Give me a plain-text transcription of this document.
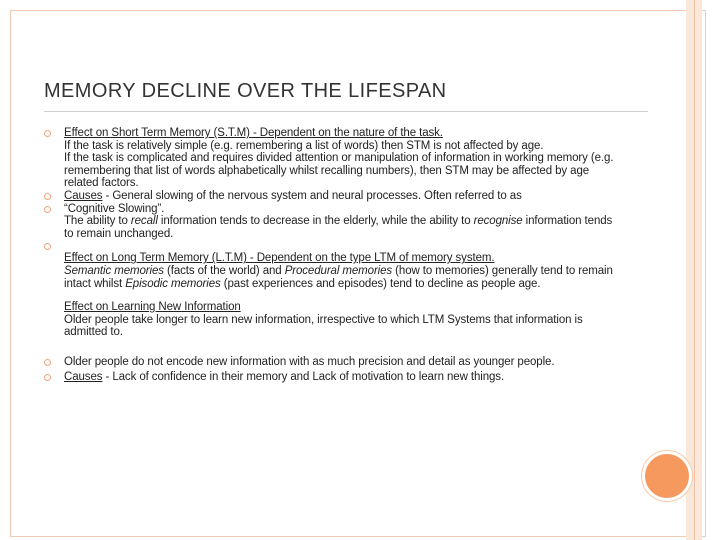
MEMORY DECLINE OVER THE LIFESPAN
Effect on Short Term Memory (S.T.M) - Dependent on the nature of the task.
If the task is relatively simple (e.g. remembering a list of words) then STM is not affected by age.
If the task is complicated and requires divided attention or manipulation of information in working memory (e.g. remembering that list of words alphabetically whilst recalling numbers), then STM may be affected by age related factors.
Causes - General slowing of the nervous system and neural processes. Often referred to as
“Cognitive Slowing”.
The ability to recall information tends to decrease in the elderly, while the ability to recognise information tends to remain unchanged.
Effect on Long Term Memory (L.T.M) - Dependent on the type LTM of memory system.
Semantic memories (facts of the world) and Procedural memories (how to memories) generally tend to remain intact whilst Episodic memories (past experiences and episodes) tend to decline as people age.
Effect on Learning New Information
Older people take longer to learn new information, irrespective to which LTM Systems that information is admitted to.
Older people do not encode new information with as much precision and detail as younger people.
Causes - Lack of confidence in their memory and Lack of motivation to learn new things.
